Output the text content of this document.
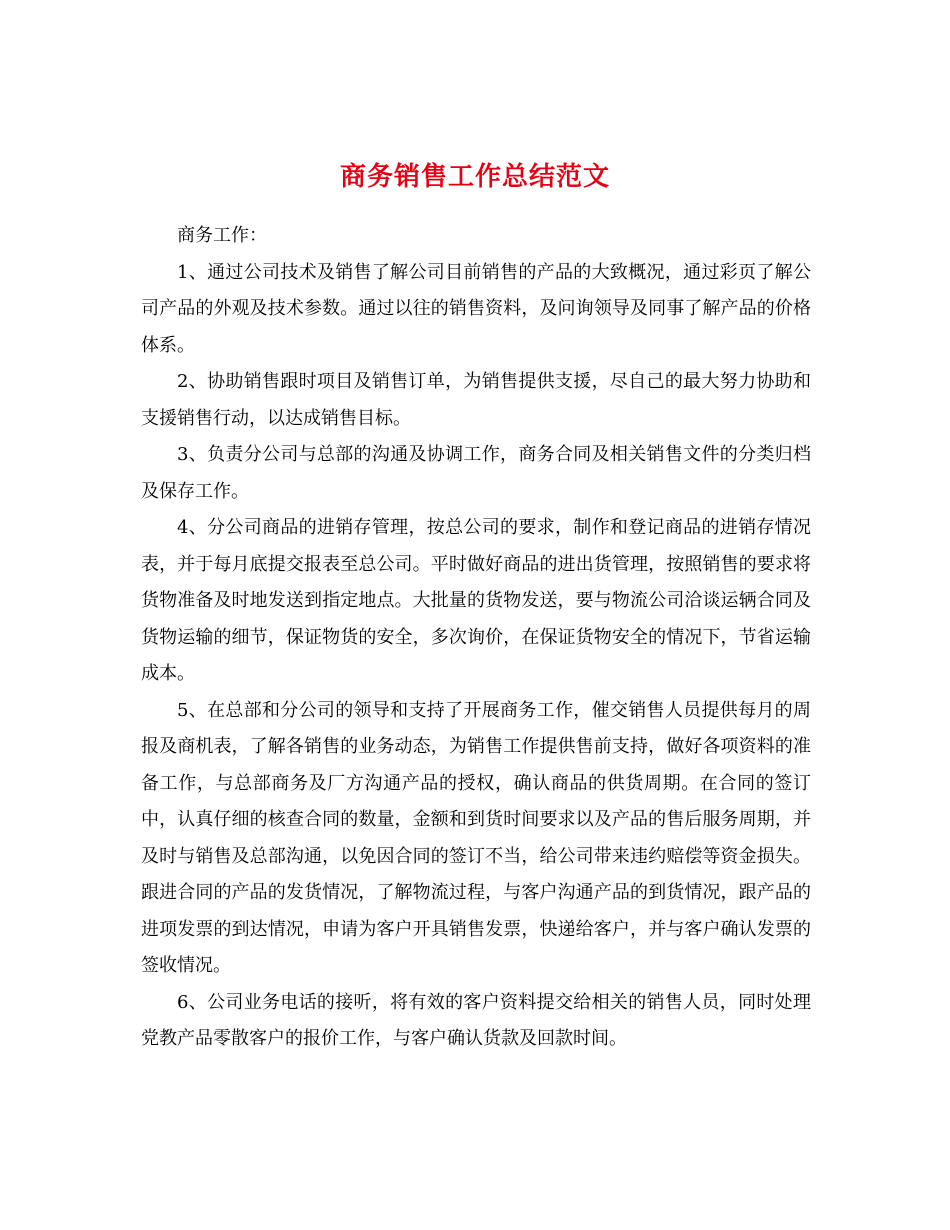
商务销售工作总结范文

商务工作：

1、通过公司技术及销售了解公司目前销售的产品的大致概况，通过彩页了解公司产品的外观及技术参数。通过以往的销售资料，及问询领导及同事了解产品的价格体系。

2、协助销售跟时项目及销售订单，为销售提供支援，尽自己的最大努力协助和支援销售行动，以达成销售目标。

3、负责分公司与总部的沟通及协调工作，商务合同及相关销售文件的分类归档及保存工作。

4、分公司商品的进销存管理，按总公司的要求，制作和登记商品的进销存情况表，并于每月底提交报表至总公司。平时做好商品的进出货管理，按照销售的要求将货物准备及时地发送到指定地点。大批量的货物发送，要与物流公司洽谈运辆合同及货物运输的细节，保证物货的安全，多次询价，在保证货物安全的情况下，节省运输成本。

5、在总部和分公司的领导和支持了开展商务工作，催交销售人员提供每月的周报及商机表，了解各销售的业务动态，为销售工作提供售前支持，做好各项资料的准备工作，与总部商务及厂方沟通产品的授权，确认商品的供货周期。在合同的签订中，认真仔细的核查合同的数量，金额和到货时间要求以及产品的售后服务周期，并及时与销售及总部沟通，以免因合同的签订不当，给公司带来违约赔偿等资金损失。跟进合同的产品的发货情况，了解物流过程，与客户沟通产品的到货情况，跟产品的进项发票的到达情况，申请为客户开具销售发票，快递给客户，并与客户确认发票的签收情况。

6、公司业务电话的接听，将有效的客户资料提交给相关的销售人员，同时处理党教产品零散客户的报价工作，与客户确认货款及回款时间。
